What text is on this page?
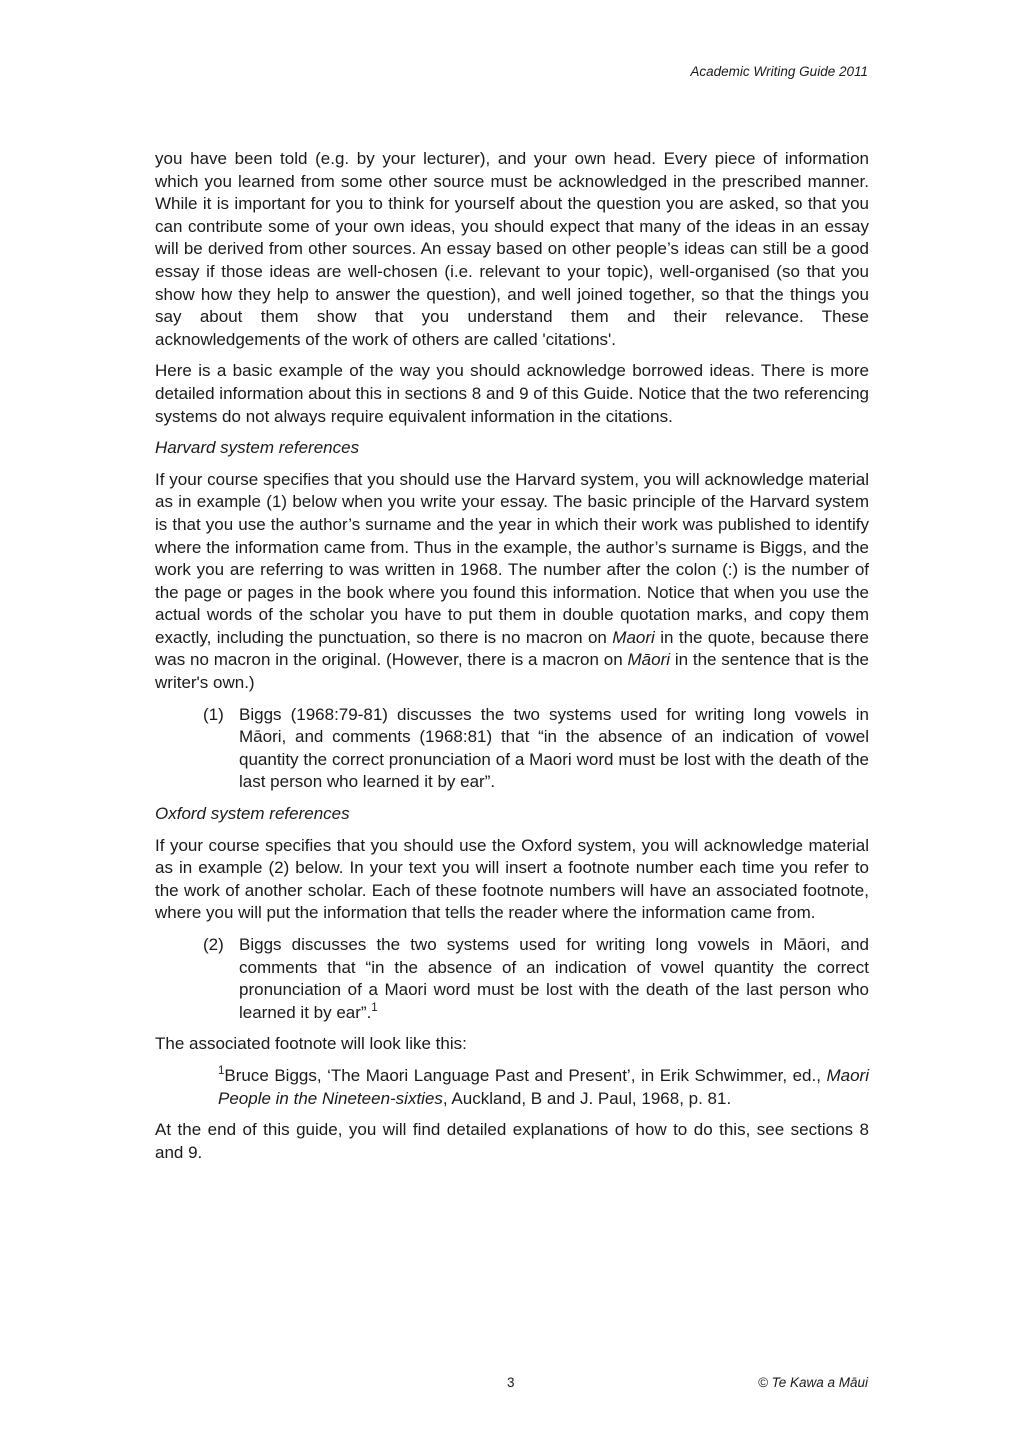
Academic Writing Guide 2011

you have been told (e.g. by your lecturer), and your own head. Every piece of information which you learned from some other source must be acknowledged in the prescribed manner. While it is important for you to think for yourself about the question you are asked, so that you can contribute some of your own ideas, you should expect that many of the ideas in an essay will be derived from other sources. An essay based on other people’s ideas can still be a good essay if those ideas are well-chosen (i.e. relevant to your topic), well-organised (so that you show how they help to answer the question), and well joined together, so that the things you say about them show that you understand them and their relevance. These acknowledgements of the work of others are called 'citations'.

Here is a basic example of the way you should acknowledge borrowed ideas. There is more detailed information about this in sections 8 and 9 of this Guide. Notice that the two referencing systems do not always require equivalent information in the citations.

Harvard system references

If your course specifies that you should use the Harvard system, you will acknowledge material as in example (1) below when you write your essay. The basic principle of the Harvard system is that you use the author’s surname and the year in which their work was published to identify where the information came from. Thus in the example, the author’s surname is Biggs, and the work you are referring to was written in 1968. The number after the colon (:) is the number of the page or pages in the book where you found this information. Notice that when you use the actual words of the scholar you have to put them in double quotation marks, and copy them exactly, including the punctuation, so there is no macron on Maori in the quote, because there was no macron in the original. (However, there is a macron on Māori in the sentence that is the writer's own.)

(1) Biggs (1968:79-81) discusses the two systems used for writing long vowels in Māori, and comments (1968:81) that “in the absence of an indication of vowel quantity the correct pronunciation of a Maori word must be lost with the death of the last person who learned it by ear”.

Oxford system references

If your course specifies that you should use the Oxford system, you will acknowledge material as in example (2) below. In your text you will insert a footnote number each time you refer to the work of another scholar. Each of these footnote numbers will have an associated footnote, where you will put the information that tells the reader where the information came from.

(2) Biggs discusses the two systems used for writing long vowels in Māori, and comments that “in the absence of an indication of vowel quantity the correct pronunciation of a Maori word must be lost with the death of the last person who learned it by ear”.$^1$

The associated footnote will look like this:

$^1$Bruce Biggs, ‘The Maori Language Past and Present’, in Erik Schwimmer, ed., Maori People in the Nineteen-sixties, Auckland, B and J. Paul, 1968, p. 81.

At the end of this guide, you will find detailed explanations of how to do this, see sections 8 and 9.

3	© Te Kawa a Māui
